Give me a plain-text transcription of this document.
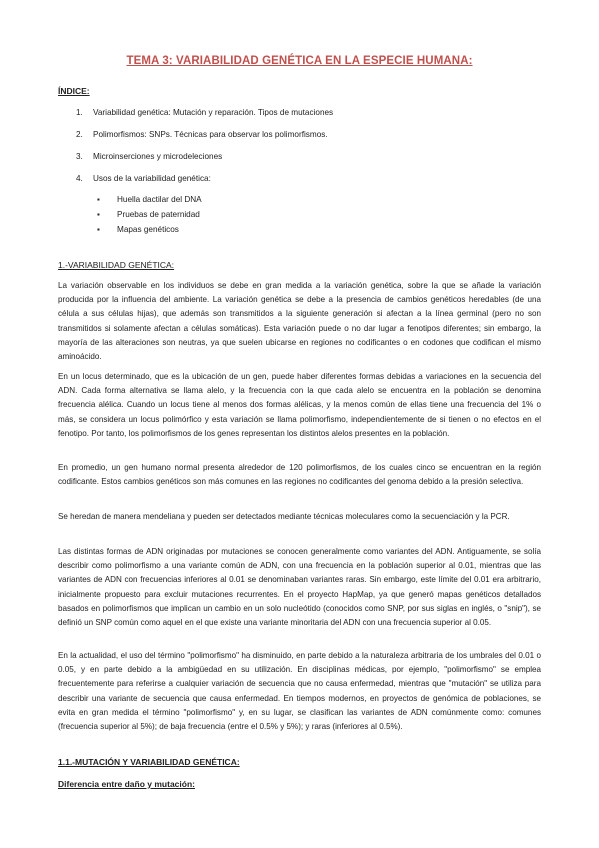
TEMA 3: VARIABILIDAD GENÉTICA EN LA ESPECIE HUMANA:
ÍNDICE:
1.	Variabilidad genética: Mutación y reparación. Tipos de mutaciones
2.	Polimorfismos: SNPs. Técnicas para observar los polimorfismos.
3.	Microinserciones y microdeleciones
4.	Usos de la variabilidad genética:
▪	Huella dactilar del DNA
▪	Pruebas de paternidad
▪	Mapas genéticos
1.-VARIABILIDAD GENÉTICA:

La variación observable en los individuos se debe en gran medida a la variación genética, sobre la que se añade la variación producida por la influencia del ambiente. La variación genética se debe a la presencia de cambios genéticos heredables (de una célula a sus células hijas), que además son transmitidos a la siguiente generación si afectan a la línea germinal (pero no son transmitidos si solamente afectan a células somáticas). Esta variación puede o no dar lugar a fenotipos diferentes; sin embargo, la mayoría de las alteraciones son neutras, ya que suelen ubicarse en regiones no codificantes o en codones que codifican el mismo aminoácido.

En un locus determinado, que es la ubicación de un gen, puede haber diferentes formas debidas a variaciones en la secuencia del ADN. Cada forma alternativa se llama alelo, y la frecuencia con la que cada alelo se encuentra en la población se denomina frecuencia alélica. Cuando un locus tiene al menos dos formas alélicas, y la menos común de ellas tiene una frecuencia del 1% o más, se considera un locus polimórfico y esta variación se llama polimorfismo, independientemente de si tienen o no efectos en el fenotipo. Por tanto, los polimorfismos de los genes representan los distintos alelos presentes en la población.

En promedio, un gen humano normal presenta alrededor de 120 polimorfismos, de los cuales cinco se encuentran en la región codificante. Estos cambios genéticos son más comunes en las regiones no codificantes del genoma debido a la presión selectiva.

Se heredan de manera mendeliana y pueden ser detectados mediante técnicas moleculares como la secuenciación y la PCR.

Las distintas formas de ADN originadas por mutaciones se conocen generalmente como variantes del ADN. Antiguamente, se solía describir como polimorfismo a una variante común de ADN, con una frecuencia en la población superior al 0.01, mientras que las variantes de ADN con frecuencias inferiores al 0.01 se denominaban variantes raras. Sin embargo, este límite del 0.01 era arbitrario, inicialmente propuesto para excluir mutaciones recurrentes. En el proyecto HapMap, ya que generó mapas genéticos detallados basados en polimorfismos que implican un cambio en un solo nucleótido (conocidos como SNP, por sus siglas en inglés, o "snip"), se definió un SNP común como aquel en el que existe una variante minoritaria del ADN con una frecuencia superior al 0.05.

En la actualidad, el uso del término "polimorfismo" ha disminuido, en parte debido a la naturaleza arbitraria de los umbrales del 0.01 o 0.05, y en parte debido a la ambigüedad en su utilización. En disciplinas médicas, por ejemplo, "polimorfismo" se emplea frecuentemente para referirse a cualquier variación de secuencia que no causa enfermedad, mientras que "mutación" se utiliza para describir una variante de secuencia que causa enfermedad. En tiempos modernos, en proyectos de genómica de poblaciones, se evita en gran medida el término "polimorfismo" y, en su lugar, se clasifican las variantes de ADN comúnmente como: comunes (frecuencia superior al 5%); de baja frecuencia (entre el 0.5% y 5%); y raras (inferiores al 0.5%).

1.1.-MUTACIÓN Y VARIABILIDAD GENÉTICA:
Diferencia entre daño y mutación:
